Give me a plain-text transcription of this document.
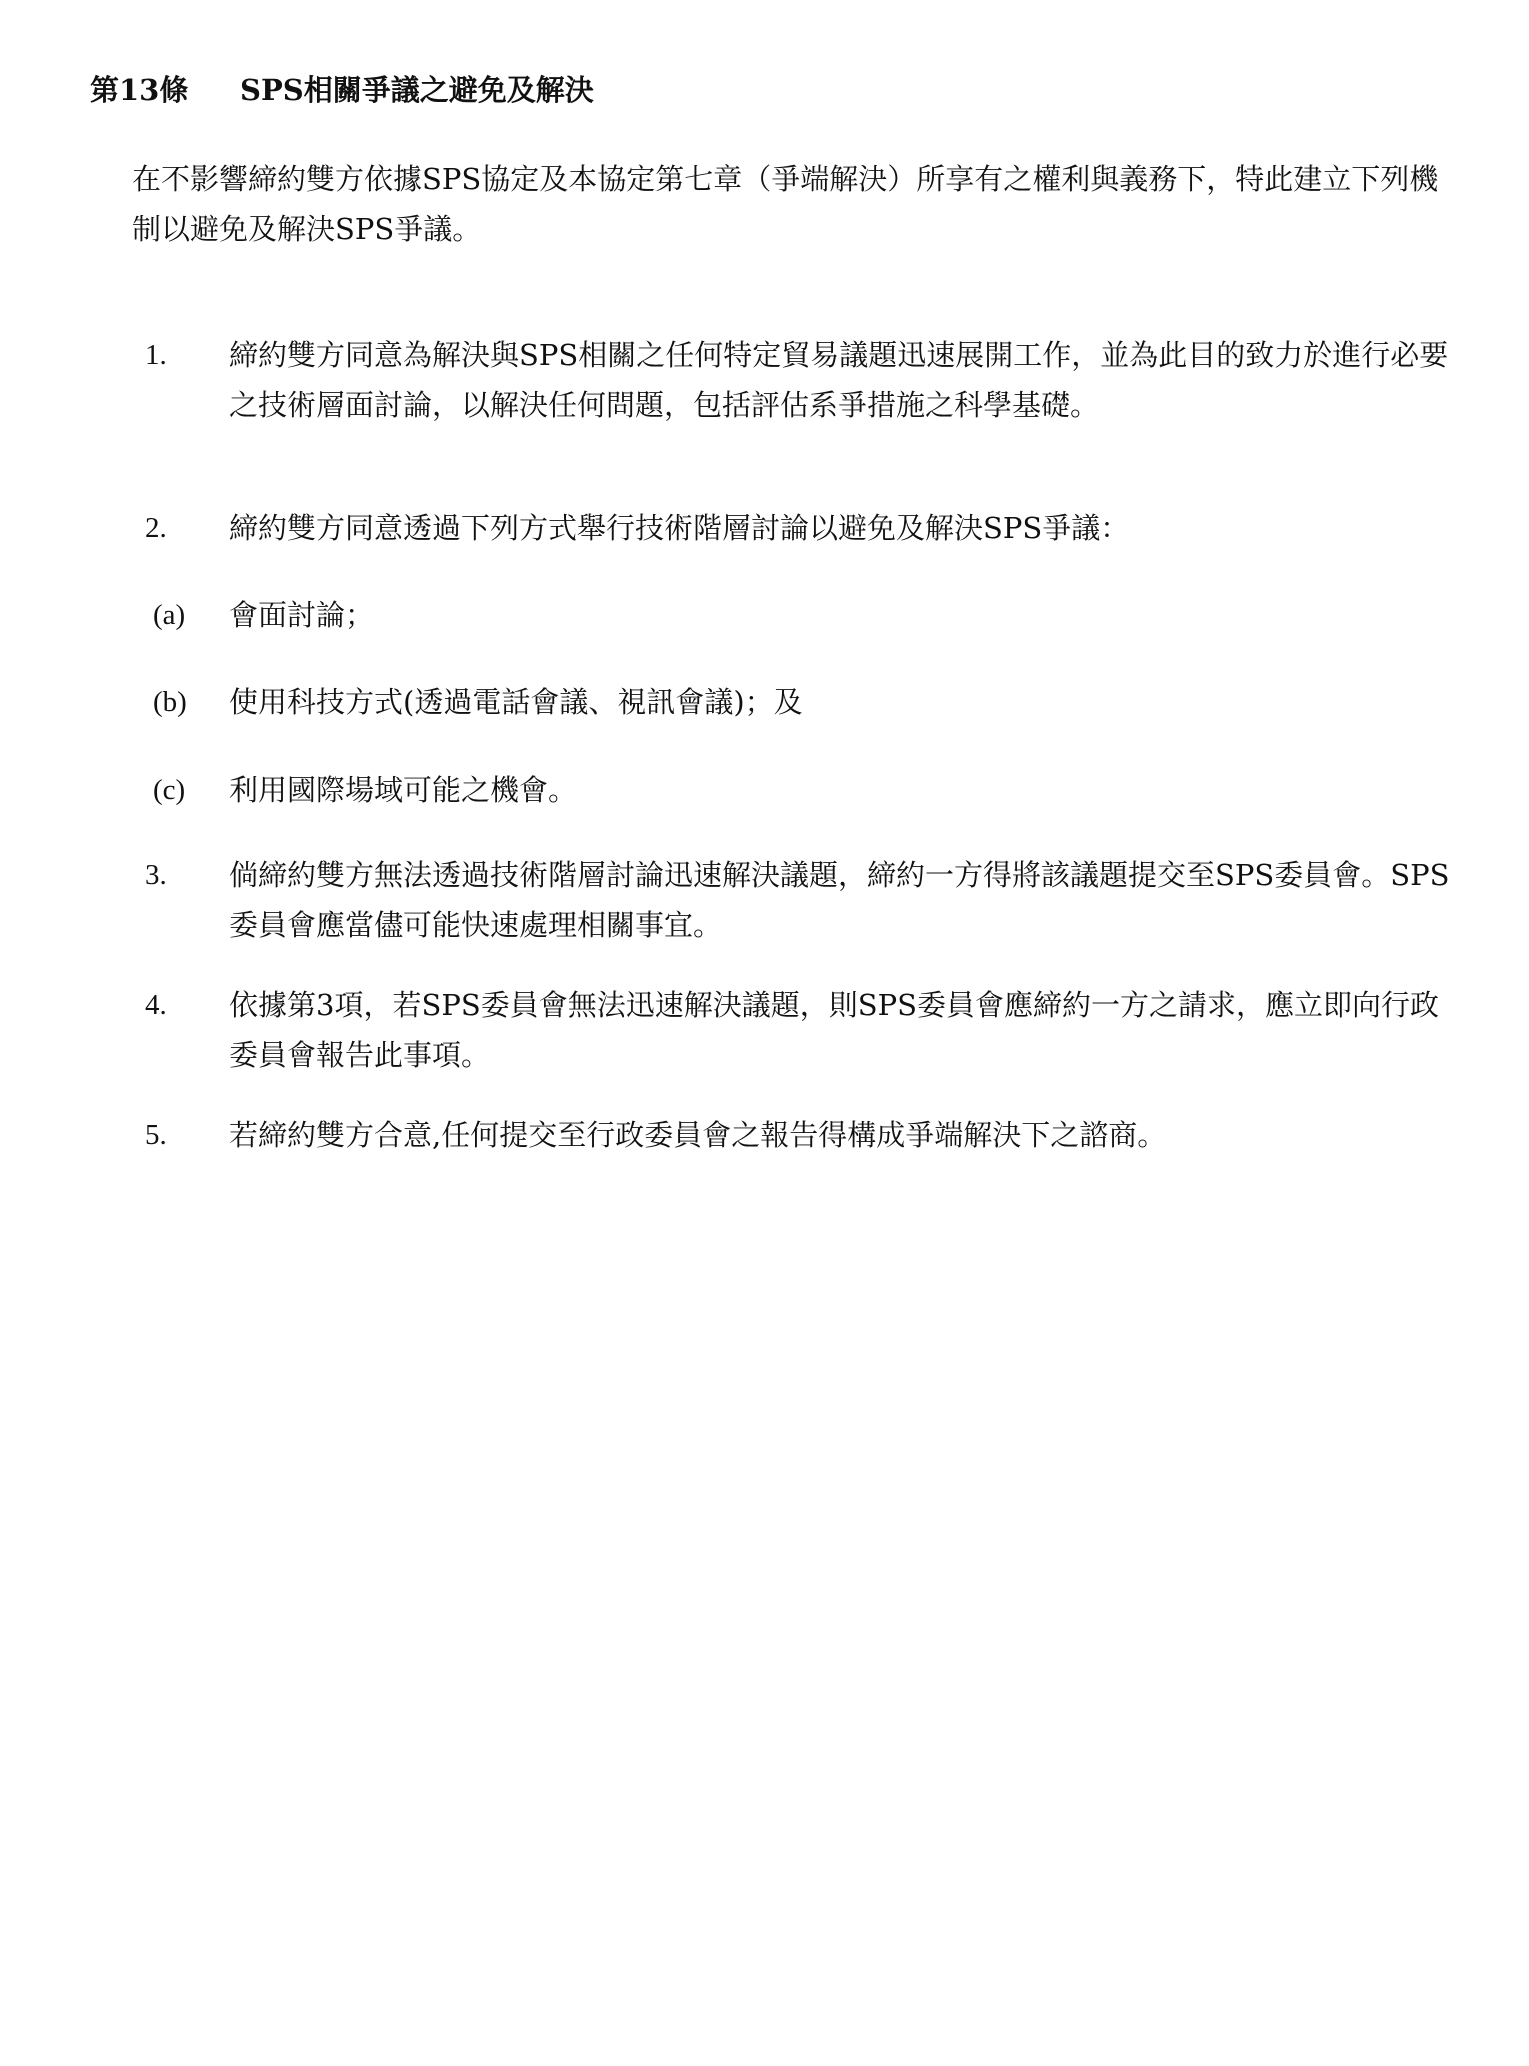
第13條 SPS相關爭議之避免及解決
在不影響締約雙方依據SPS協定及本協定第七章（爭端解決）所享有之權利與義務下，特此建立下列機制以避免及解決SPS爭議。
1. 締約雙方同意為解決與SPS相關之任何特定貿易議題迅速展開工作，並為此目的致力於進行必要之技術層面討論，以解決任何問題，包括評估系爭措施之科學基礎。
2. 締約雙方同意透過下列方式舉行技術階層討論以避免及解決SPS爭議：
(a) 會面討論；
(b) 使用科技方式(透過電話會議、視訊會議)；及
(c) 利用國際場域可能之機會。
3. 倘締約雙方無法透過技術階層討論迅速解決議題，締約一方得將該議題提交至SPS委員會。SPS委員會應當儘可能快速處理相關事宜。
4. 依據第3項，若SPS委員會無法迅速解決議題，則SPS委員會應締約一方之請求，應立即向行政委員會報告此事項。
5. 若締約雙方合意,任何提交至行政委員會之報告得構成爭端解決下之諮商。
